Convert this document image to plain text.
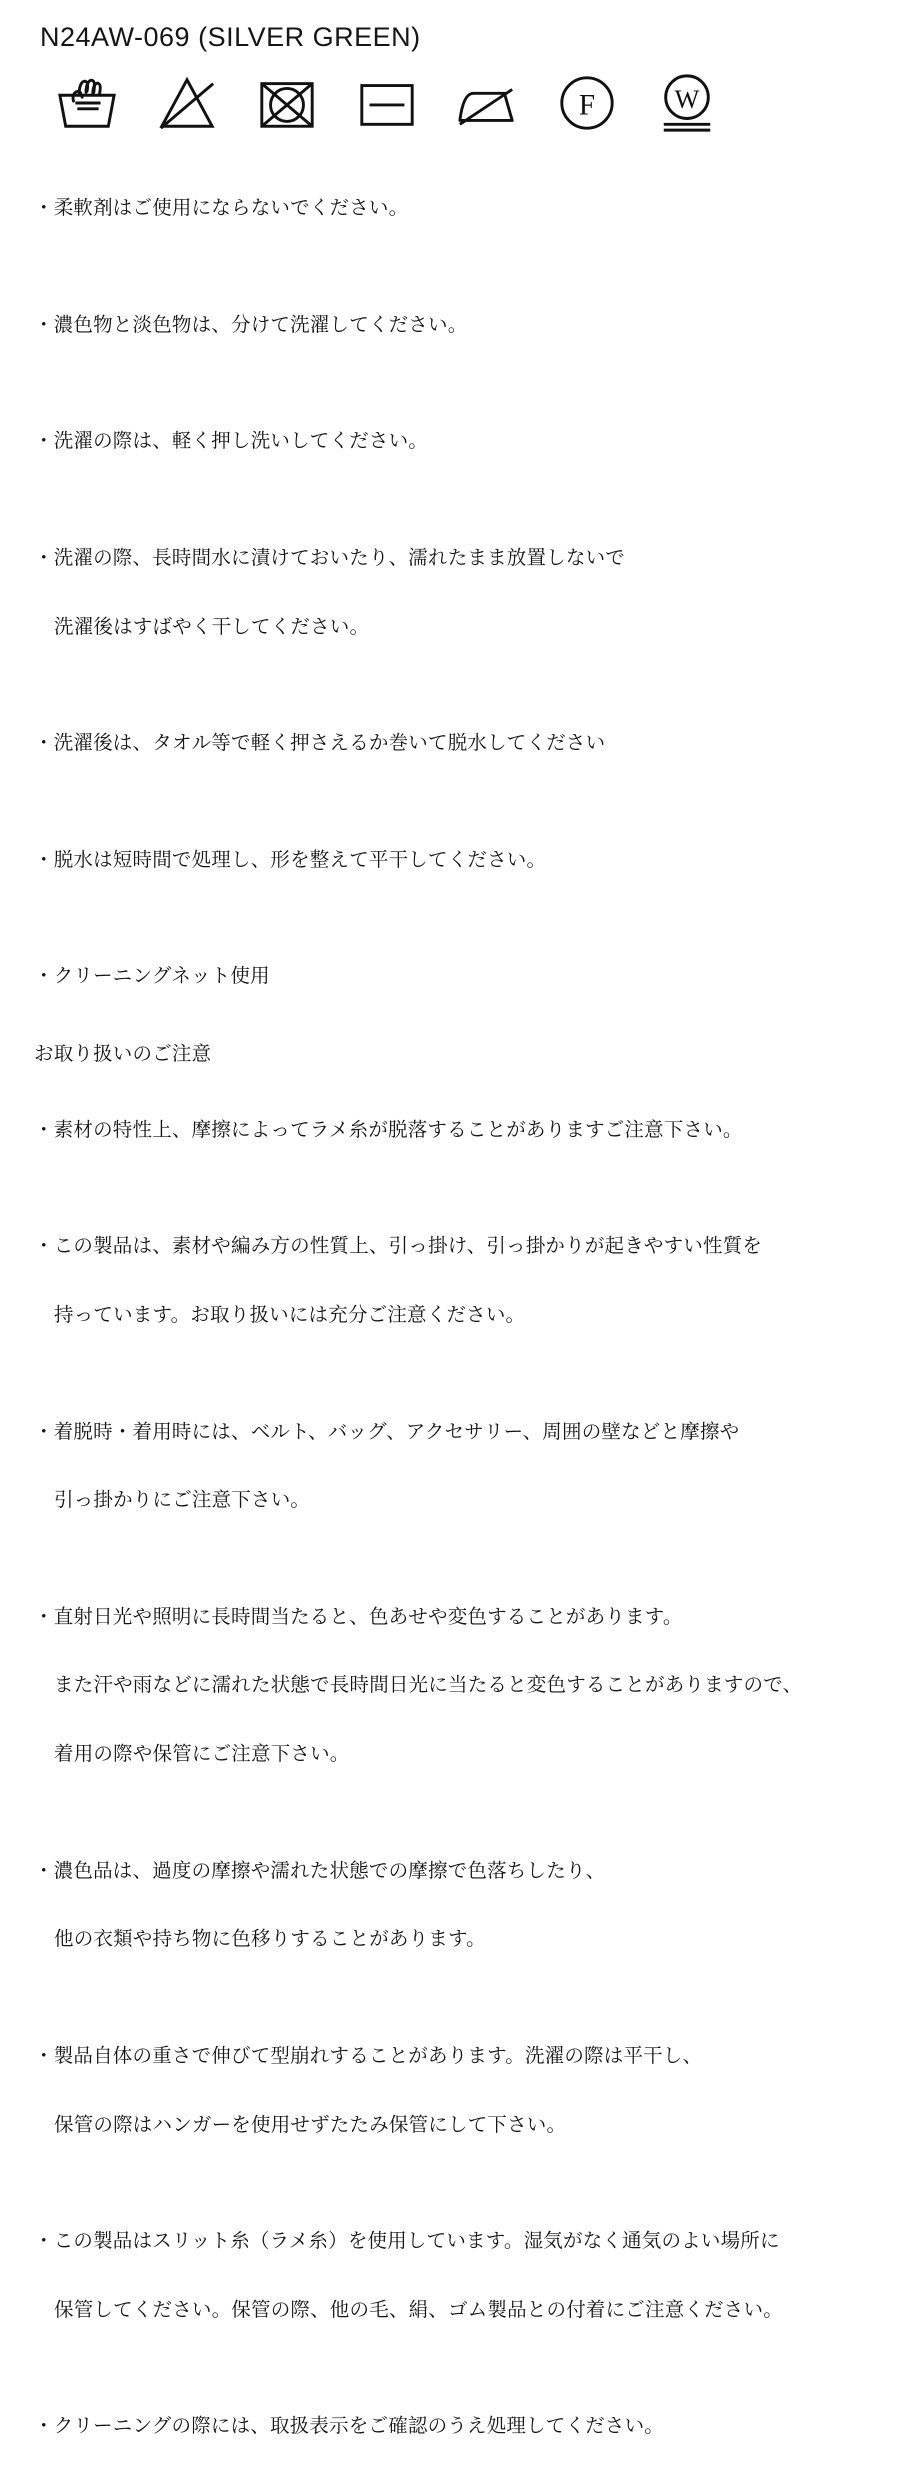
N24AW-069 (SILVER GREEN)
F	W

・柔軟剤はご使用にならないでください。

・濃色物と淡色物は、分けて洗濯してください。

・洗濯の際は、軽く押し洗いしてください。

・洗濯の際、長時間水に漬けておいたり、濡れたまま放置しないで

洗濯後はすばやく干してください。

・洗濯後は、タオル等で軽く押さえるか巻いて脱水してください

・脱水は短時間で処理し、形を整えて平干してください。

・クリーニングネット使用

お取り扱いのご注意

・素材の特性上、摩擦によってラメ糸が脱落することがありますご注意下さい。

・この製品は、素材や編み方の性質上、引っ掛け、引っ掛かりが起きやすい性質を

持っています。お取り扱いには充分ご注意ください。

・着脱時・着用時には、ベルト、バッグ、アクセサリー、周囲の壁などと摩擦や

引っ掛かりにご注意下さい。

・直射日光や照明に長時間当たると、色あせや変色することがあります。

また汗や雨などに濡れた状態で長時間日光に当たると変色することがありますので、

着用の際や保管にご注意下さい。

・濃色品は、過度の摩擦や濡れた状態での摩擦で色落ちしたり、

他の衣類や持ち物に色移りすることがあります。

・製品自体の重さで伸びて型崩れすることがあります。洗濯の際は平干し、

保管の際はハンガーを使用せずたたみ保管にして下さい。

・この製品はスリット糸（ラメ糸）を使用しています。湿気がなく通気のよい場所に

保管してください。保管の際、他の毛、絹、ゴム製品との付着にご注意ください。

・クリーニングの際には、取扱表示をご確認のうえ処理してください。
